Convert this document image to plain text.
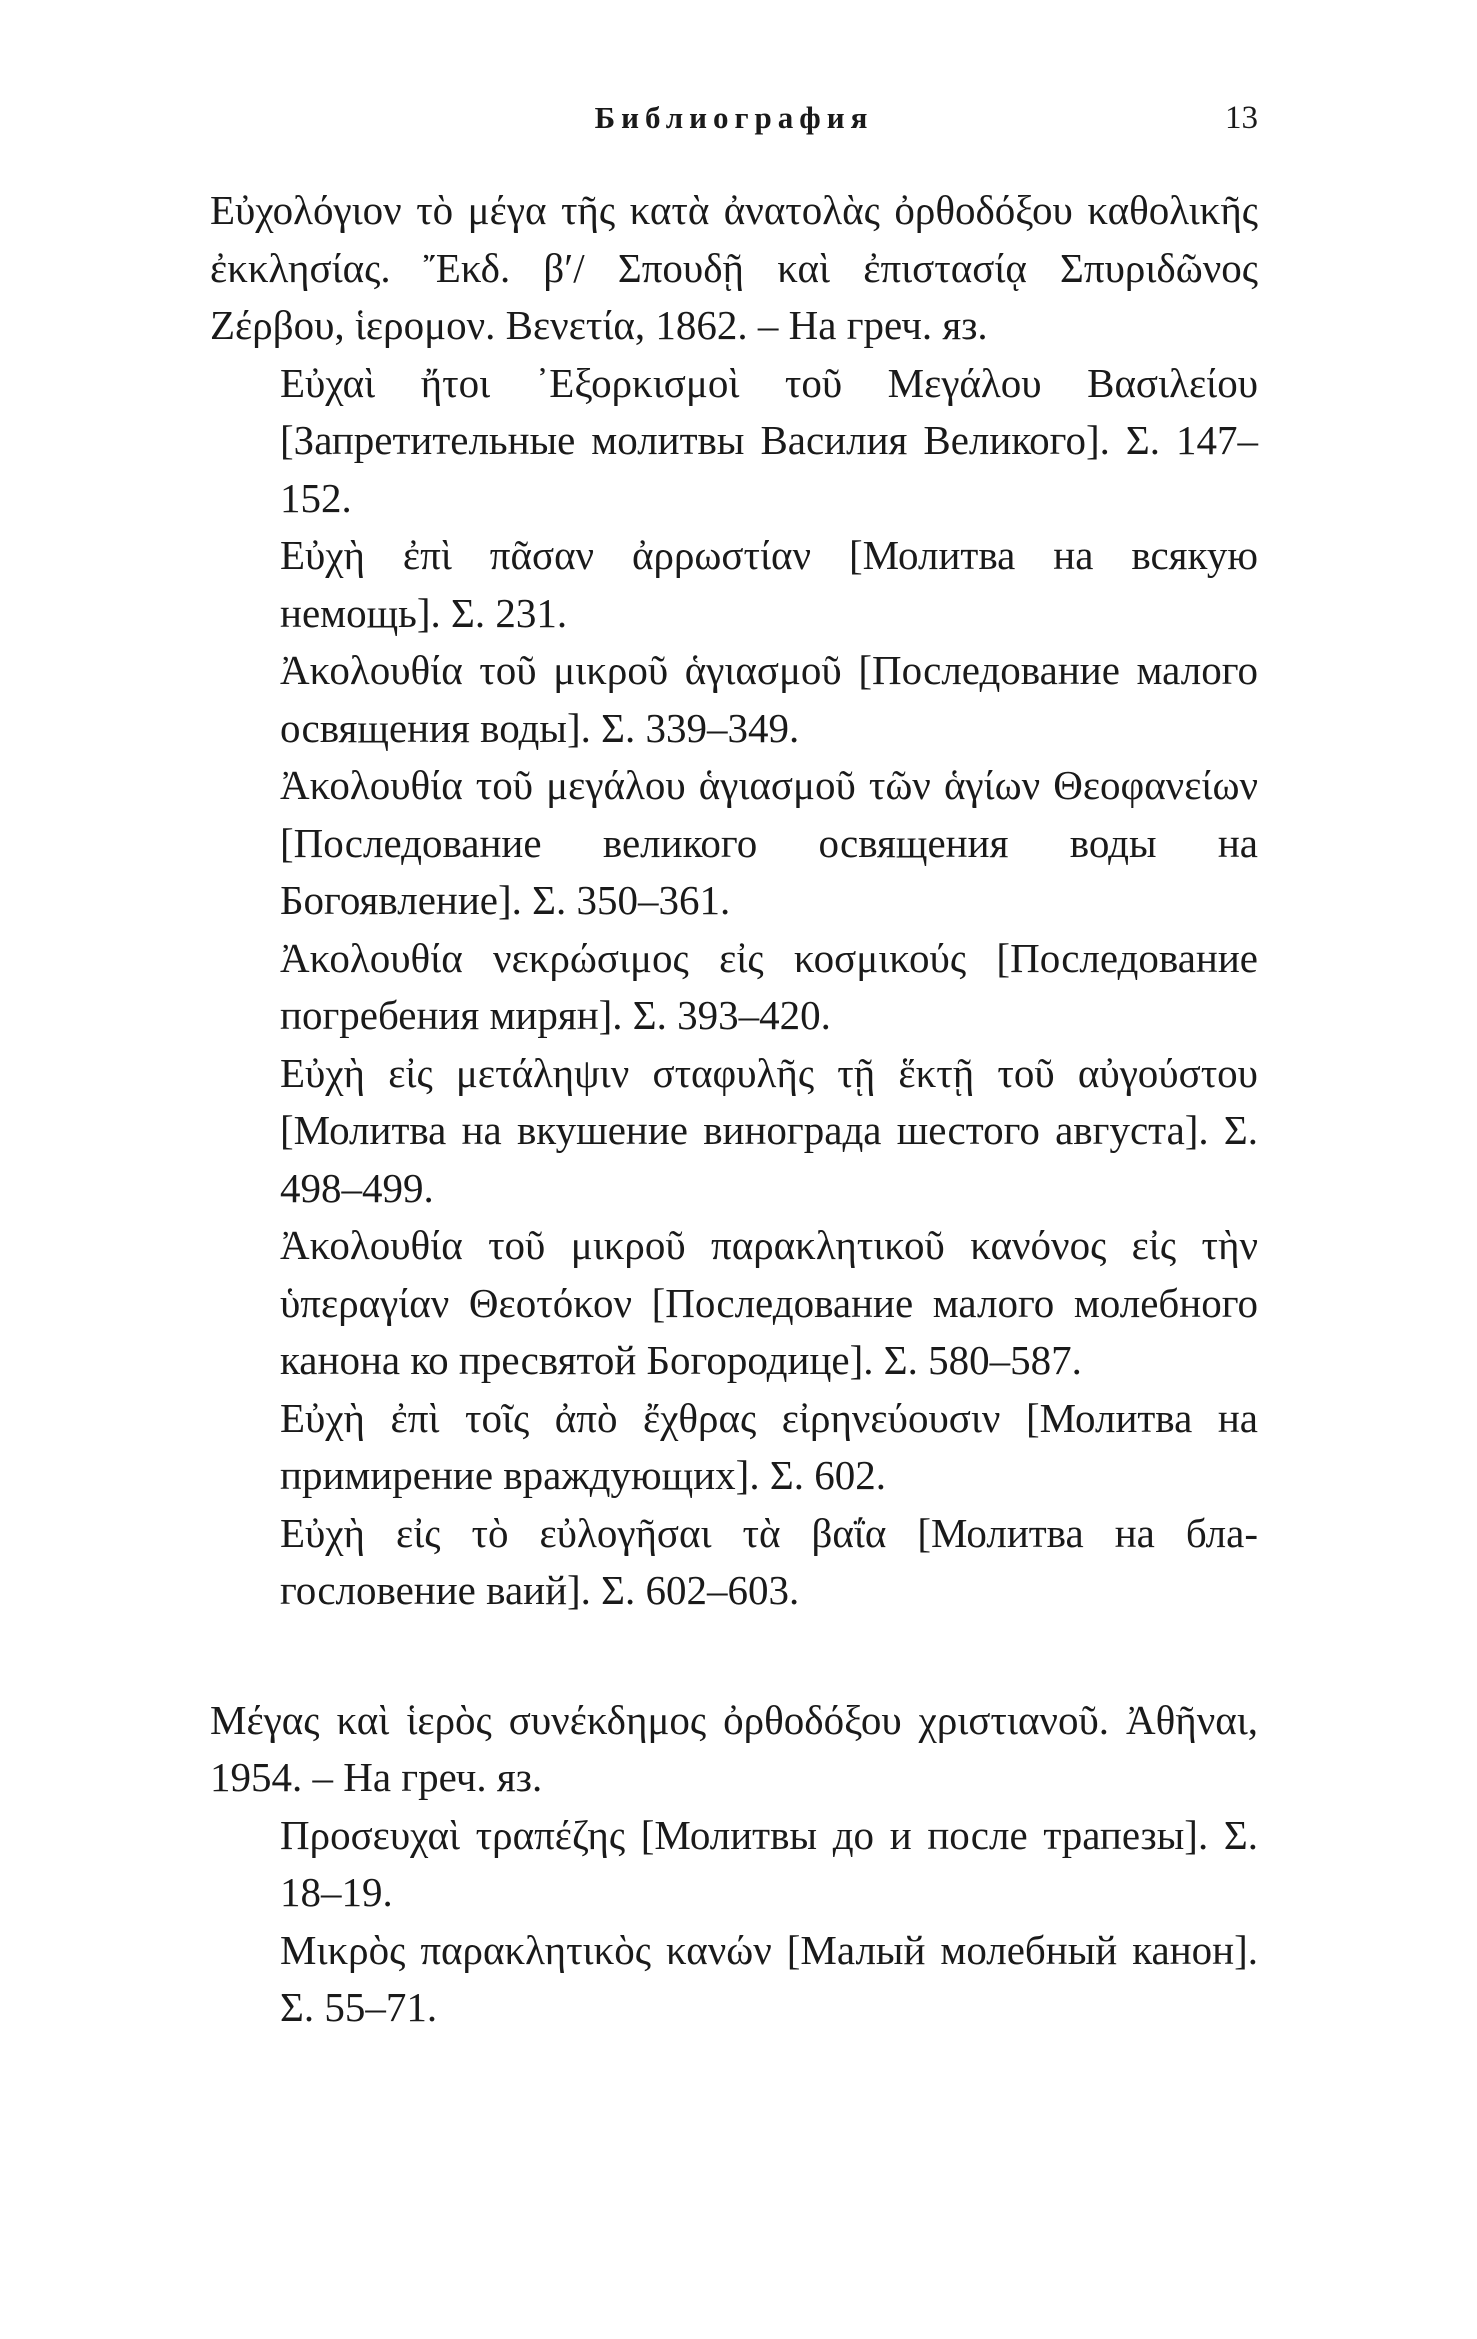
Библиография	13

Εὐχολόγιον τὸ μέγα τῆς κατὰ ἀνατολὰς ὀρθοδόξου καθολικῆς ἐκκλησίας. Ἔκδ. β′/ Σπουδῇ καὶ ἐπιστασίᾳ Σπυριδῶνος Ζέρβου, ἱερομον. Βενετία, 1862. – На греч. яз.

Εὐχαὶ ἤτοι ᾿Εξορκισμοὶ τοῦ Μεγάλου Βασιλείου [Запретительные молитвы Василия Великого]. Σ. 147–152.

Εὐχὴ ἐπὶ πᾶσαν ἀρρωστίαν [Молитва на всякую немощь]. Σ. 231.

Ἀκολουθία τοῦ μικροῦ ἁγιασμοῦ [Последование малого освящения воды]. Σ. 339–349.

Ἀκολουθία τοῦ μεγάλου ἁγιασμοῦ τῶν ἁγίων Θεοφανείων [Последование великого освящения воды на Богоявление]. Σ. 350–361.

Ἀκολουθία νεκρώσιμος εἰς κοσμικούς [Последование погребения мирян]. Σ. 393–420.

Εὐχὴ εἰς μετάληψιν σταφυλῆς τῇ ἕκτῇ τοῦ αὐγούστου [Молитва на вкушение винограда шестого августа]. Σ. 498–499.

Ἀκολουθία τοῦ μικροῦ παρακλητικοῦ κανόνος εἰς τὴν ὑπεραγίαν Θεοτόκον [Последование малого молебного канона ко пресвятой Богородице]. Σ. 580–587.

Εὐχὴ ἐπὶ τοῖς ἀπὸ ἔχθρας εἰρηνεύουσιν [Молитва на примирение враждующих]. Σ. 602.

Εὐχὴ εἰς τὸ εὐλογῆσαι τὰ βαΐα [Молитва на благословение ваий]. Σ. 602–603.

Μέγας καὶ ἱερὸς συνέκδημος ὀρθοδόξου χριστιανοῦ. Ἀθῆναι, 1954. – На греч. яз.

Προσευχαὶ τραπέζης [Молитвы до и после трапезы]. Σ. 18–19.

Μικρὸς παρακλητικὸς κανών [Малый молебный канон]. Σ. 55–71.
